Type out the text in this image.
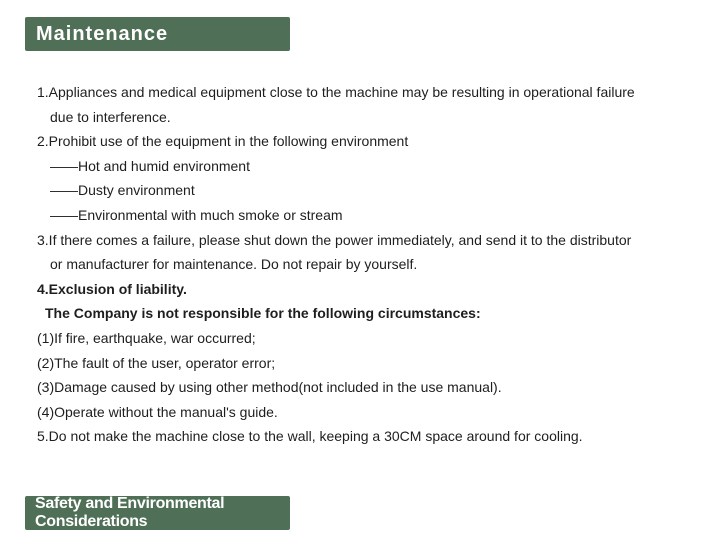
Maintenance
1.Appliances and medical equipment close to the machine may be resulting in operational failure
due to interference.
2.Prohibit use of the equipment in the following environment
——Hot and humid environment
——Dusty environment
——Environmental with much smoke or stream
3.If there comes a failure, please shut down the power immediately, and send it to the distributor
or manufacturer for maintenance. Do not repair by yourself.
4.Exclusion of liability.
The Company is not responsible for the following circumstances:
(1)If fire, earthquake, war occurred;
(2)The fault of the user, operator error;
(3)Damage caused by using other method(not included in the use manual).
(4)Operate without the manual's guide.
5.Do not make the machine close to the wall, keeping a 30CM space around for cooling.
Safety and Environmental Considerations
